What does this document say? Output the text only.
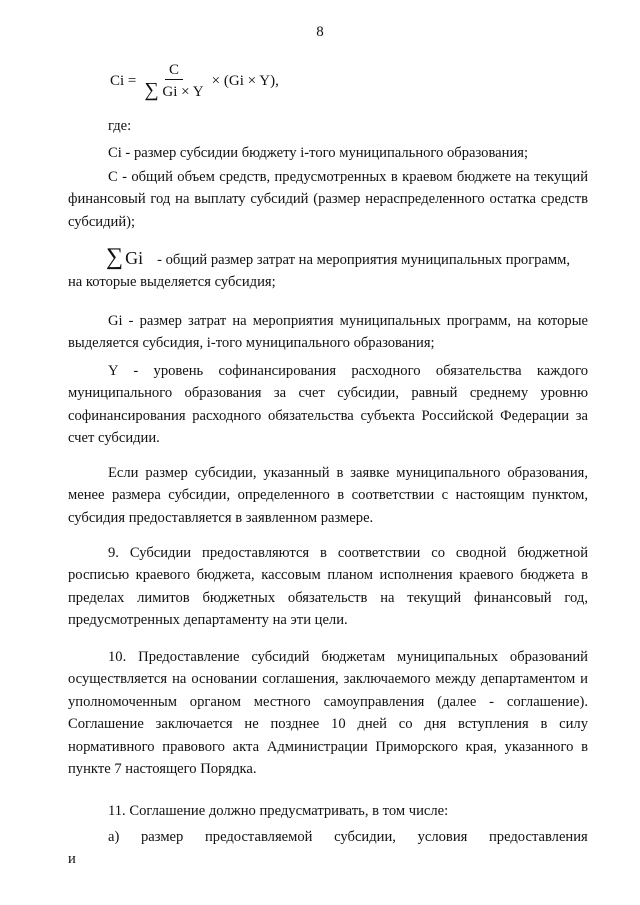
8
$Ci = \frac{C}{\sum Gi \times Y} \times (Gi \times Y)$,
где:
Ci - размер субсидии бюджету i-того муниципального образования;
С - общий объем средств, предусмотренных в краевом бюджете на текущий финансовый год на выплату субсидий (размер нераспределенного остатка средств субсидий);
∑ Gi - общий размер затрат на мероприятия муниципальных программ,
на которые выделяется субсидия;
Gi - размер затрат на мероприятия муниципальных программ, на которые выделяется субсидия, i-того муниципального образования;
Y - уровень софинансирования расходного обязательства каждого муниципального образования за счет субсидии, равный среднему уровню софинансирования расходного обязательства субъекта Российской Федерации за счет субсидии.
Если размер субсидии, указанный в заявке муниципального образования, менее размера субсидии, определенного в соответствии с настоящим пунктом, субсидия предоставляется в заявленном размере.
9. Субсидии предоставляются в соответствии со сводной бюджетной росписью краевого бюджета, кассовым планом исполнения краевого бюджета в пределах лимитов бюджетных обязательств на текущий финансовый год, предусмотренных департаменту на эти цели.
10. Предоставление субсидий бюджетам муниципальных образований осуществляется на основании соглашения, заключаемого между департаментом и уполномоченным органом местного самоуправления (далее - соглашение). Соглашение заключается не позднее 10 дней со дня вступления в силу нормативного правового акта Администрации Приморского края, указанного в пункте 7 настоящего Порядка.
11. Соглашение должно предусматривать, в том числе:
а) размер предоставляемой субсидии, условия предоставления и
